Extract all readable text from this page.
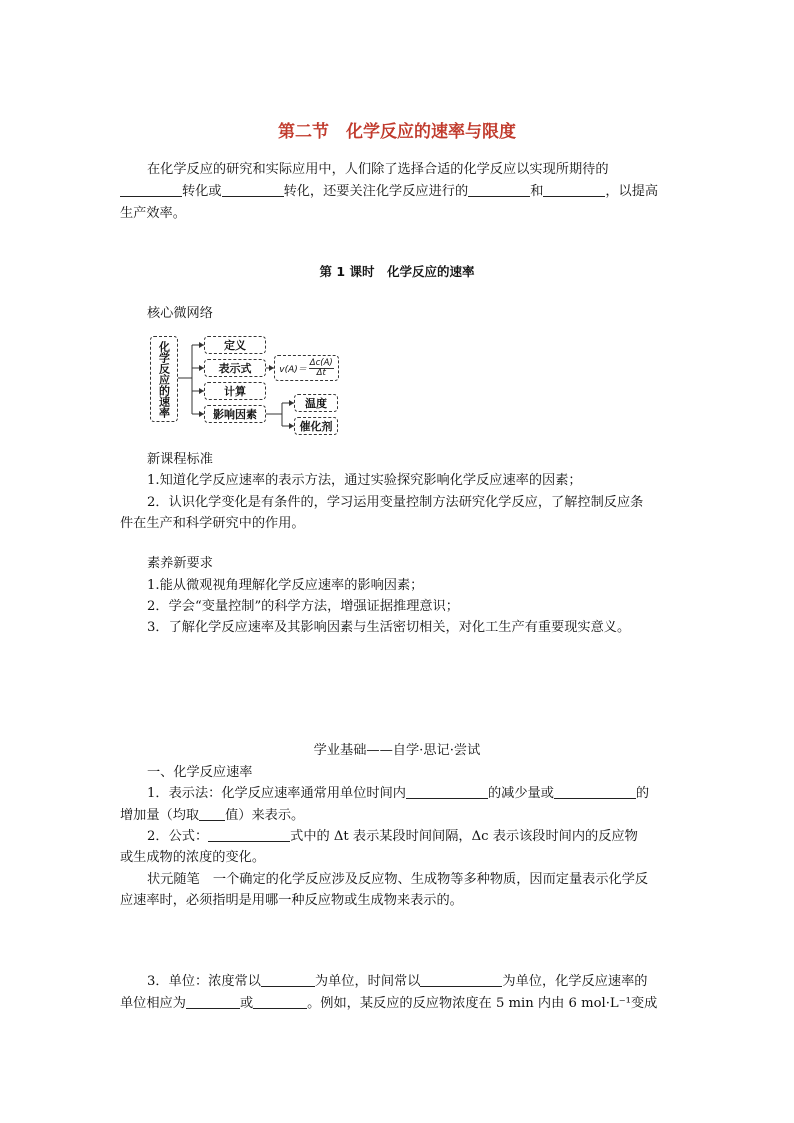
第二节　化学反应的速率与限度
在化学反应的研究和实际应用中，人们除了选择合适的化学反应以实现所期待的
转化或	转化，还要关注化学反应进行的	和	，以提高
生产效率。
第 1 课时　化学反应的速率
核心微网络
化学反应的速率	定义
表示式
计算
影响因素
$v(A)= \frac{\Delta c(A)}{\Delta t}$
温度
催化剂
新课程标准
1.知道化学反应速率的表示方法，通过实验探究影响化学反应速率的因素；
2．认识化学变化是有条件的，学习运用变量控制方法研究化学反应，了解控制反应条
件在生产和科学研究中的作用。
素养新要求
1.能从微观视角理解化学反应速率的影响因素；
2．学会“变量控制”的科学方法，增强证据推理意识；
3．了解化学反应速率及其影响因素与生活密切相关，对化工生产有重要现实意义。
学业基础——自学·思记·尝试
一、化学反应速率
1．表示法：化学反应速率通常用单位时间内	的减少量或	的
增加量（均取 值）来表示。
2．公式：	式中的 Δt 表示某段时间间隔，Δc 表示该段时间内的反应物
或生成物的浓度的变化。
状元随笔　一个确定的化学反应涉及反应物、生成物等多种物质，因而定量表示化学反
应速率时，必须指明是用哪一种反应物或生成物来表示的。
3．单位：浓度常以	为单位，时间常以	为单位，化学反应速率的
单位相应为	或	。例如，某反应的反应物浓度在 5 min 内由 6 mol·L⁻¹变成
